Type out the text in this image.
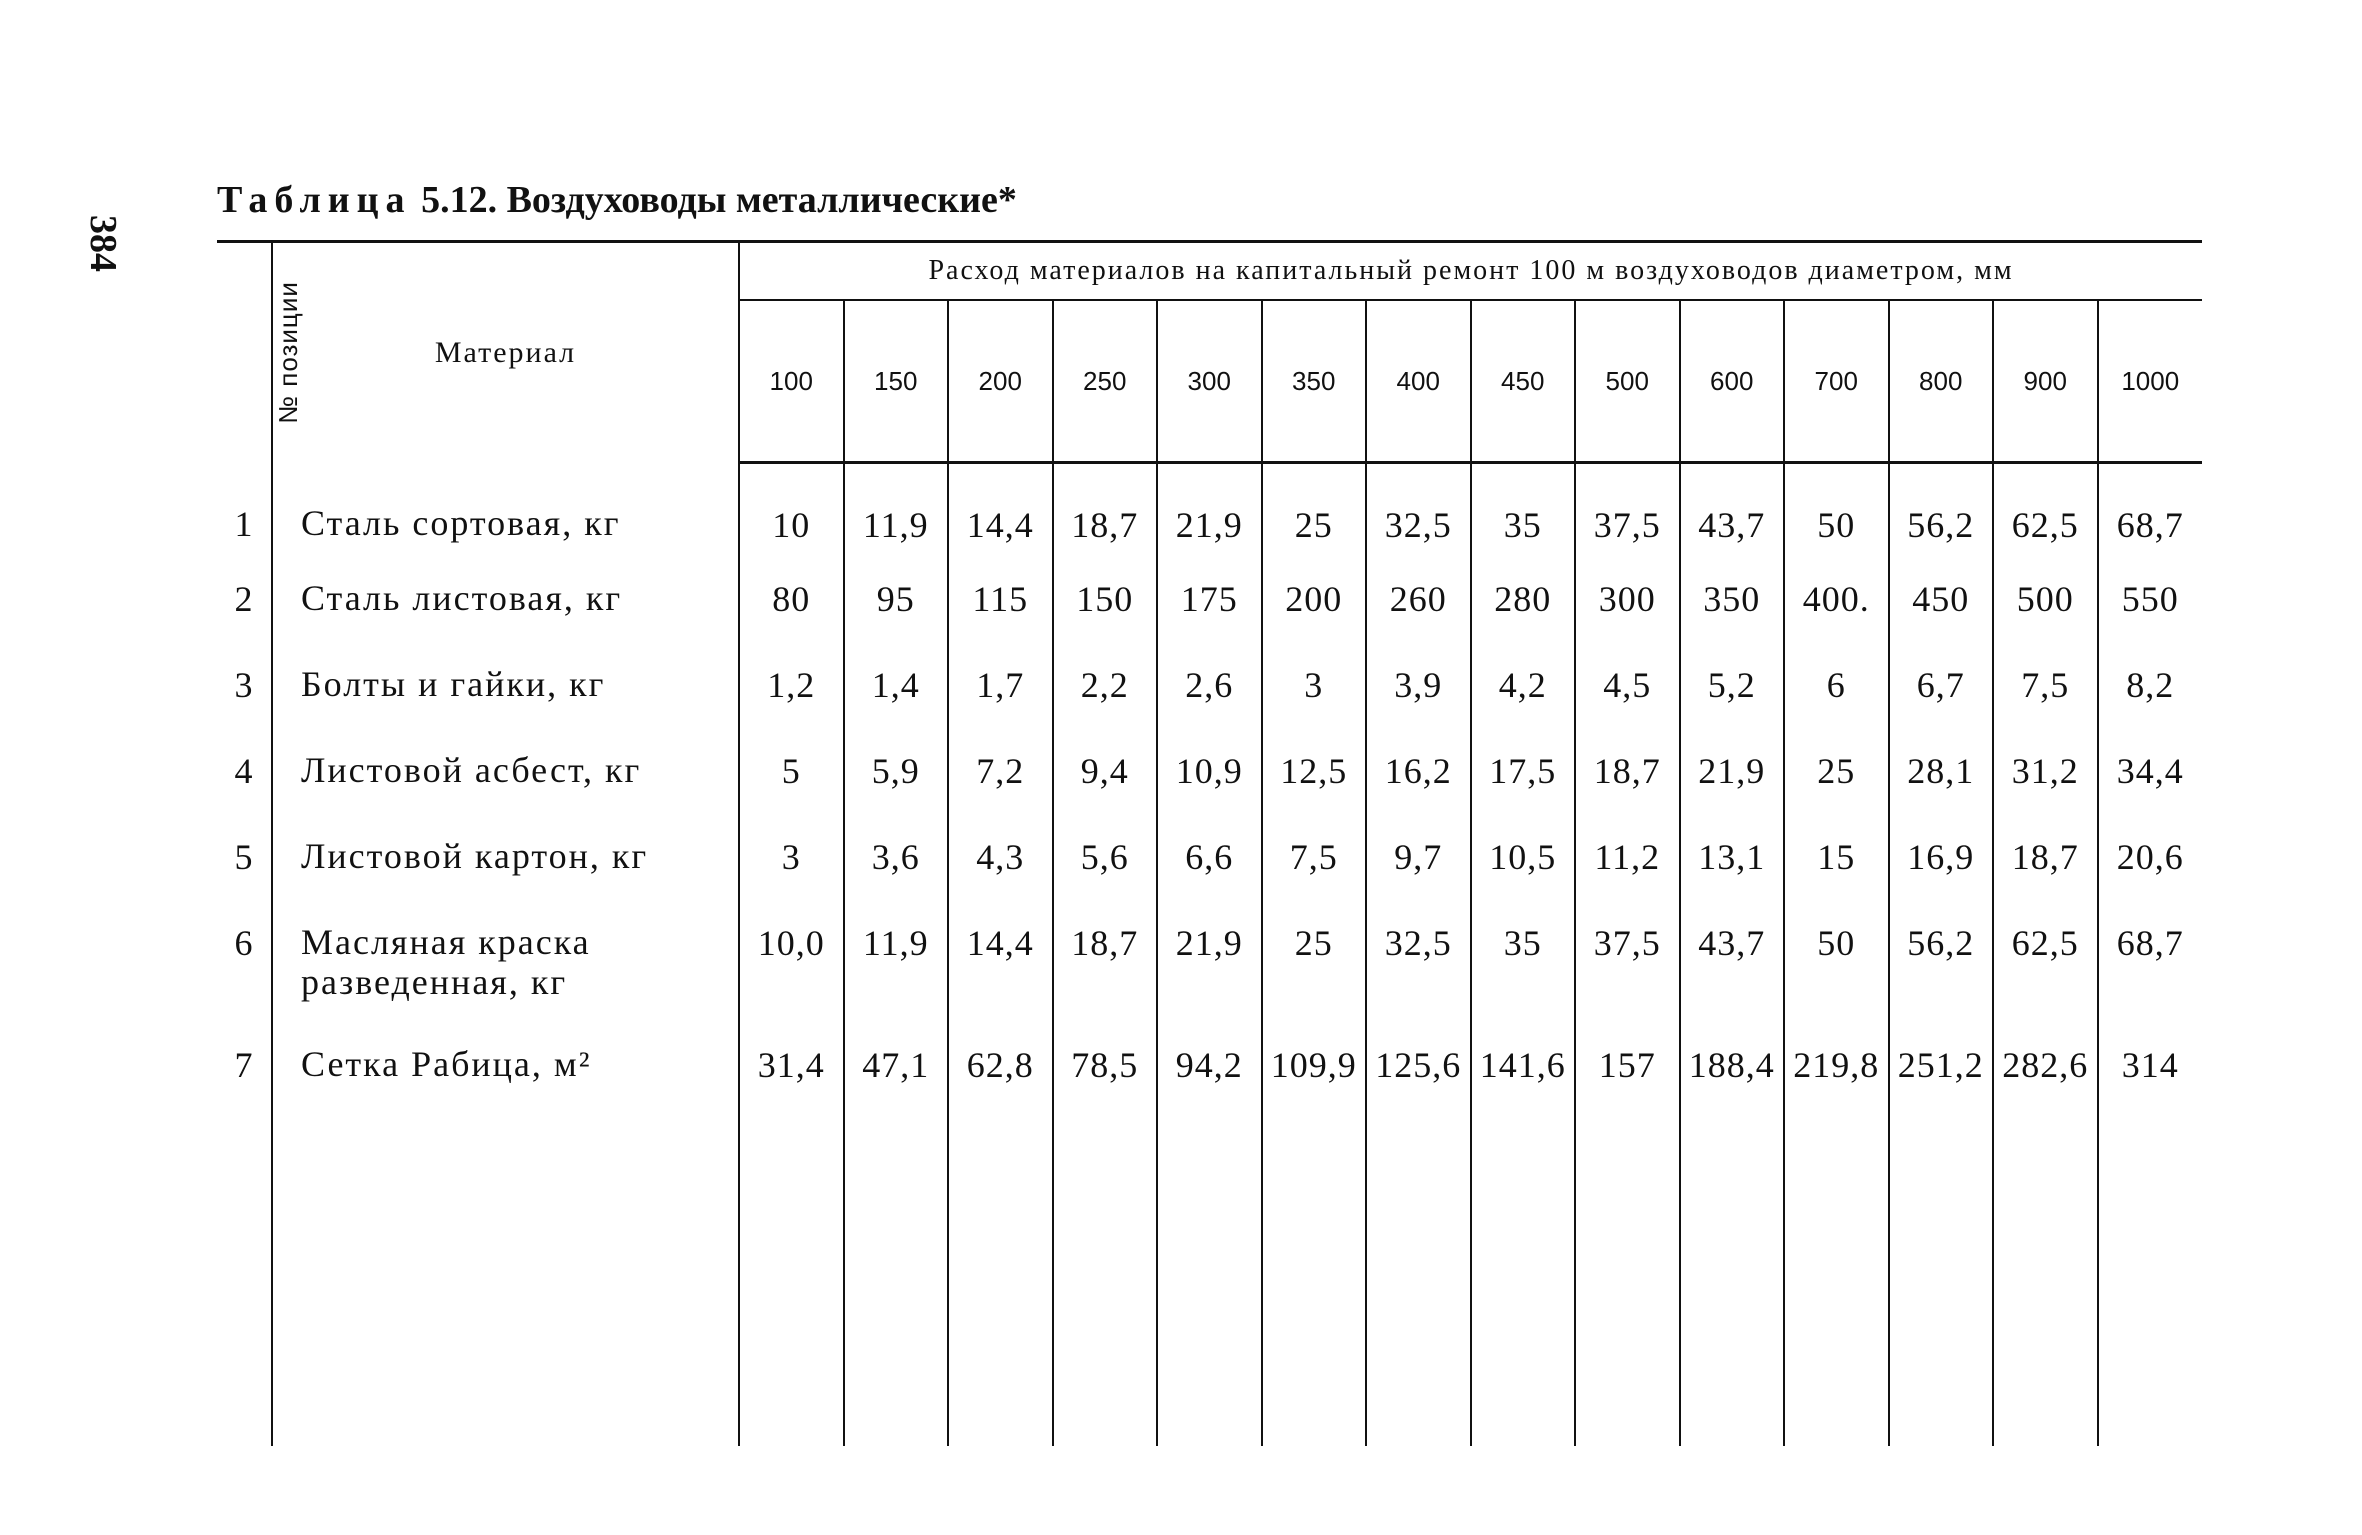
384
Таблица 5.12. Воздуховоды металлические*
№ позиции	Материал	Расход материалов на капитальный ремонт 100 м воздуховодов диаметром, мм													
		100	150	200	250	300	350	400	450	500	600	700	800	900	1000
1	Сталь сортовая, кг	10	11,9	14,4	18,7	21,9	25	32,5	35	37,5	43,7	50	56,2	62,5	68,7
2	Сталь листовая, кг	80	95	115	150	175	200	260	280	300	350	400.	450	500	550
3	Болты и гайки, кг	1,2	1,4	1,7	2,2	2,6	3	3,9	4,2	4,5	5,2	6	6,7	7,5	8,2
4	Листовой асбест, кг	5	5,9	7,2	9,4	10,9	12,5	16,2	17,5	18,7	21,9	25	28,1	31,2	34,4
5	Листовой картон, кг	3	3,6	4,3	5,6	6,6	7,5	9,7	10,5	11,2	13,1	15	16,9	18,7	20,6
6	Масляная краска разведенная, кг	10,0	11,9	14,4	18,7	21,9	25	32,5	35	37,5	43,7	50	56,2	62,5	68,7
7	Сетка Рабица, м²	31,4	47,1	62,8	78,5	94,2	109,9	125,6	141,6	157	188,4	219,8	251,2	282,6	314
